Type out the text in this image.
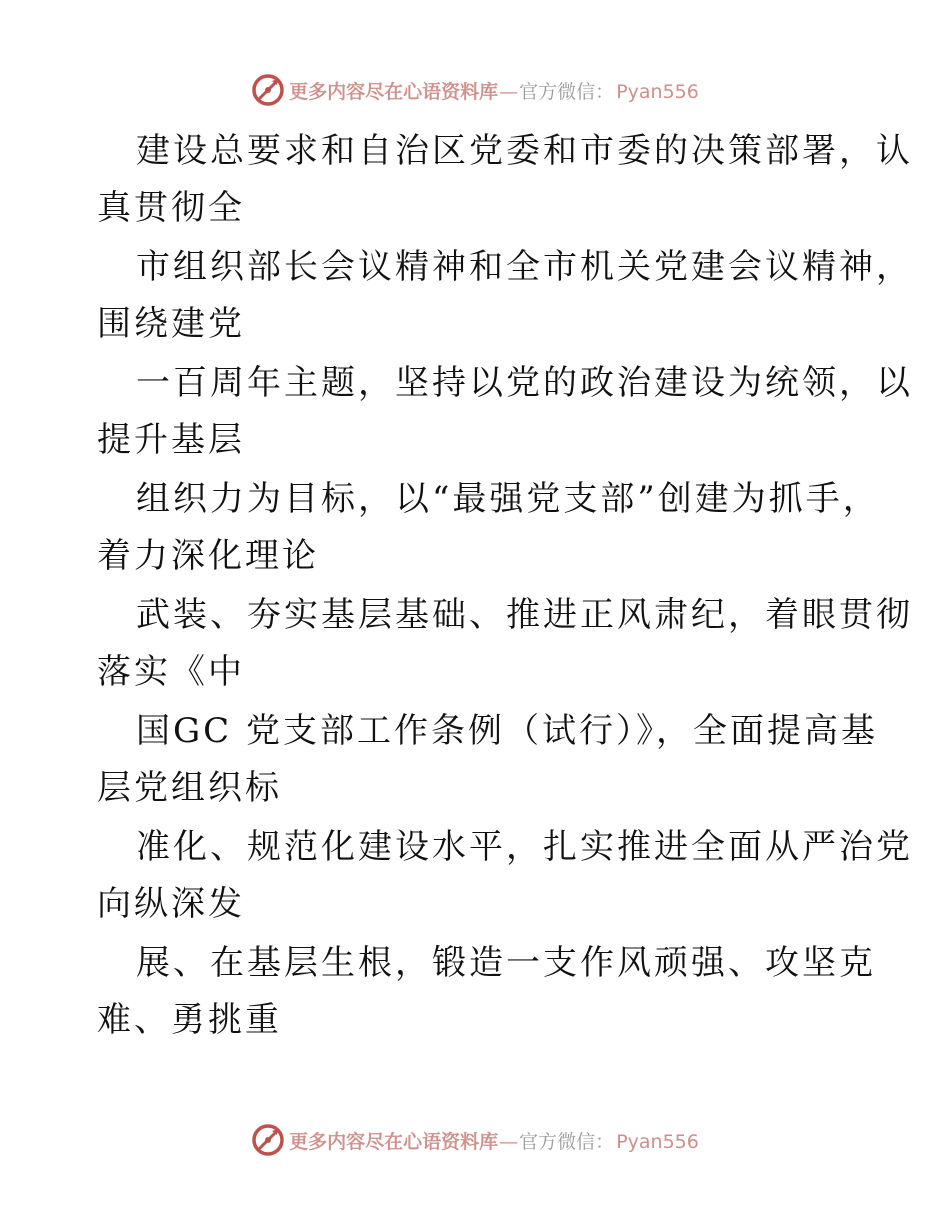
更多内容尽在心语资料库 — 官方微信： Pyan556
建设总要求和自治区党委和市委的决策部署，认
真贯彻全
市组织部长会议精神和全市机关党建会议精神，
围绕建党
一百周年主题，坚持以党的政治建设为统领，以
提升基层
组织力为目标，以“最强党支部”创建为抓手，
着力深化理论
武装、夯实基层基础、推进正风肃纪，着眼贯彻
落实《中
国GC 党支部工作条例（试行）》，全面提高基
层党组织标
准化、规范化建设水平，扎实推进全面从严治党
向纵深发
展、在基层生根，锻造一支作风顽强、攻坚克
难、勇挑重
更多内容尽在心语资料库 — 官方微信： Pyan556
